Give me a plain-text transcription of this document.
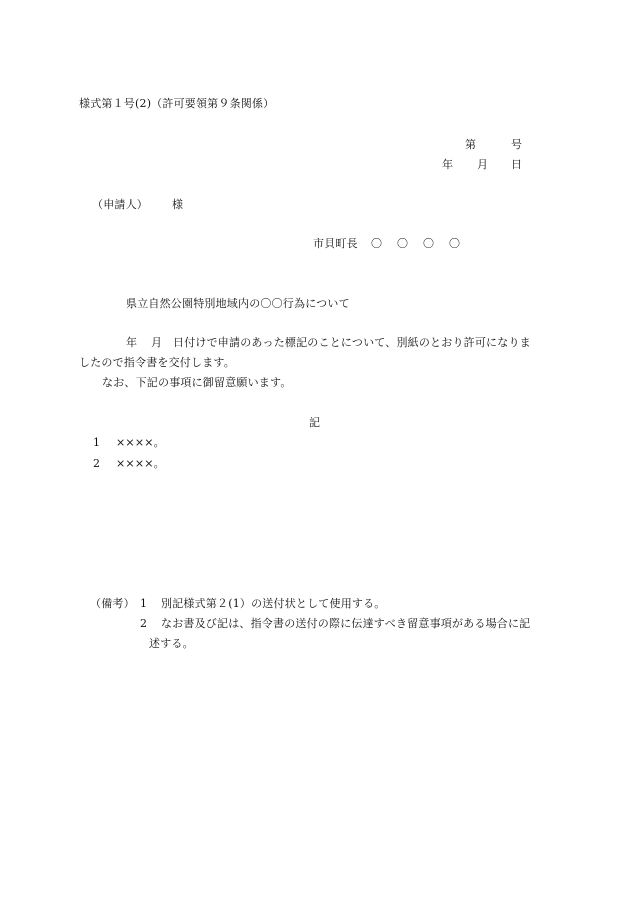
様式第１号(2)（許可要領第９条関係）
第	号
年 月 日
（申請人） 様
市貝町長 〇　〇　〇　〇
県立自然公園特別地域内の〇〇行為について
年 月 日付けで申請のあった標記のことについて、別紙のとおり許可になりま
したので指令書を交付します。
なお、下記の事項に御留意願います。
記
1 ××××。
2 ××××。
（備考） 1 別記様式第２(1）の送付状として使用する。
2 なお書及び記は、指令書の送付の際に伝達すべき留意事項がある場合に記
述する。
